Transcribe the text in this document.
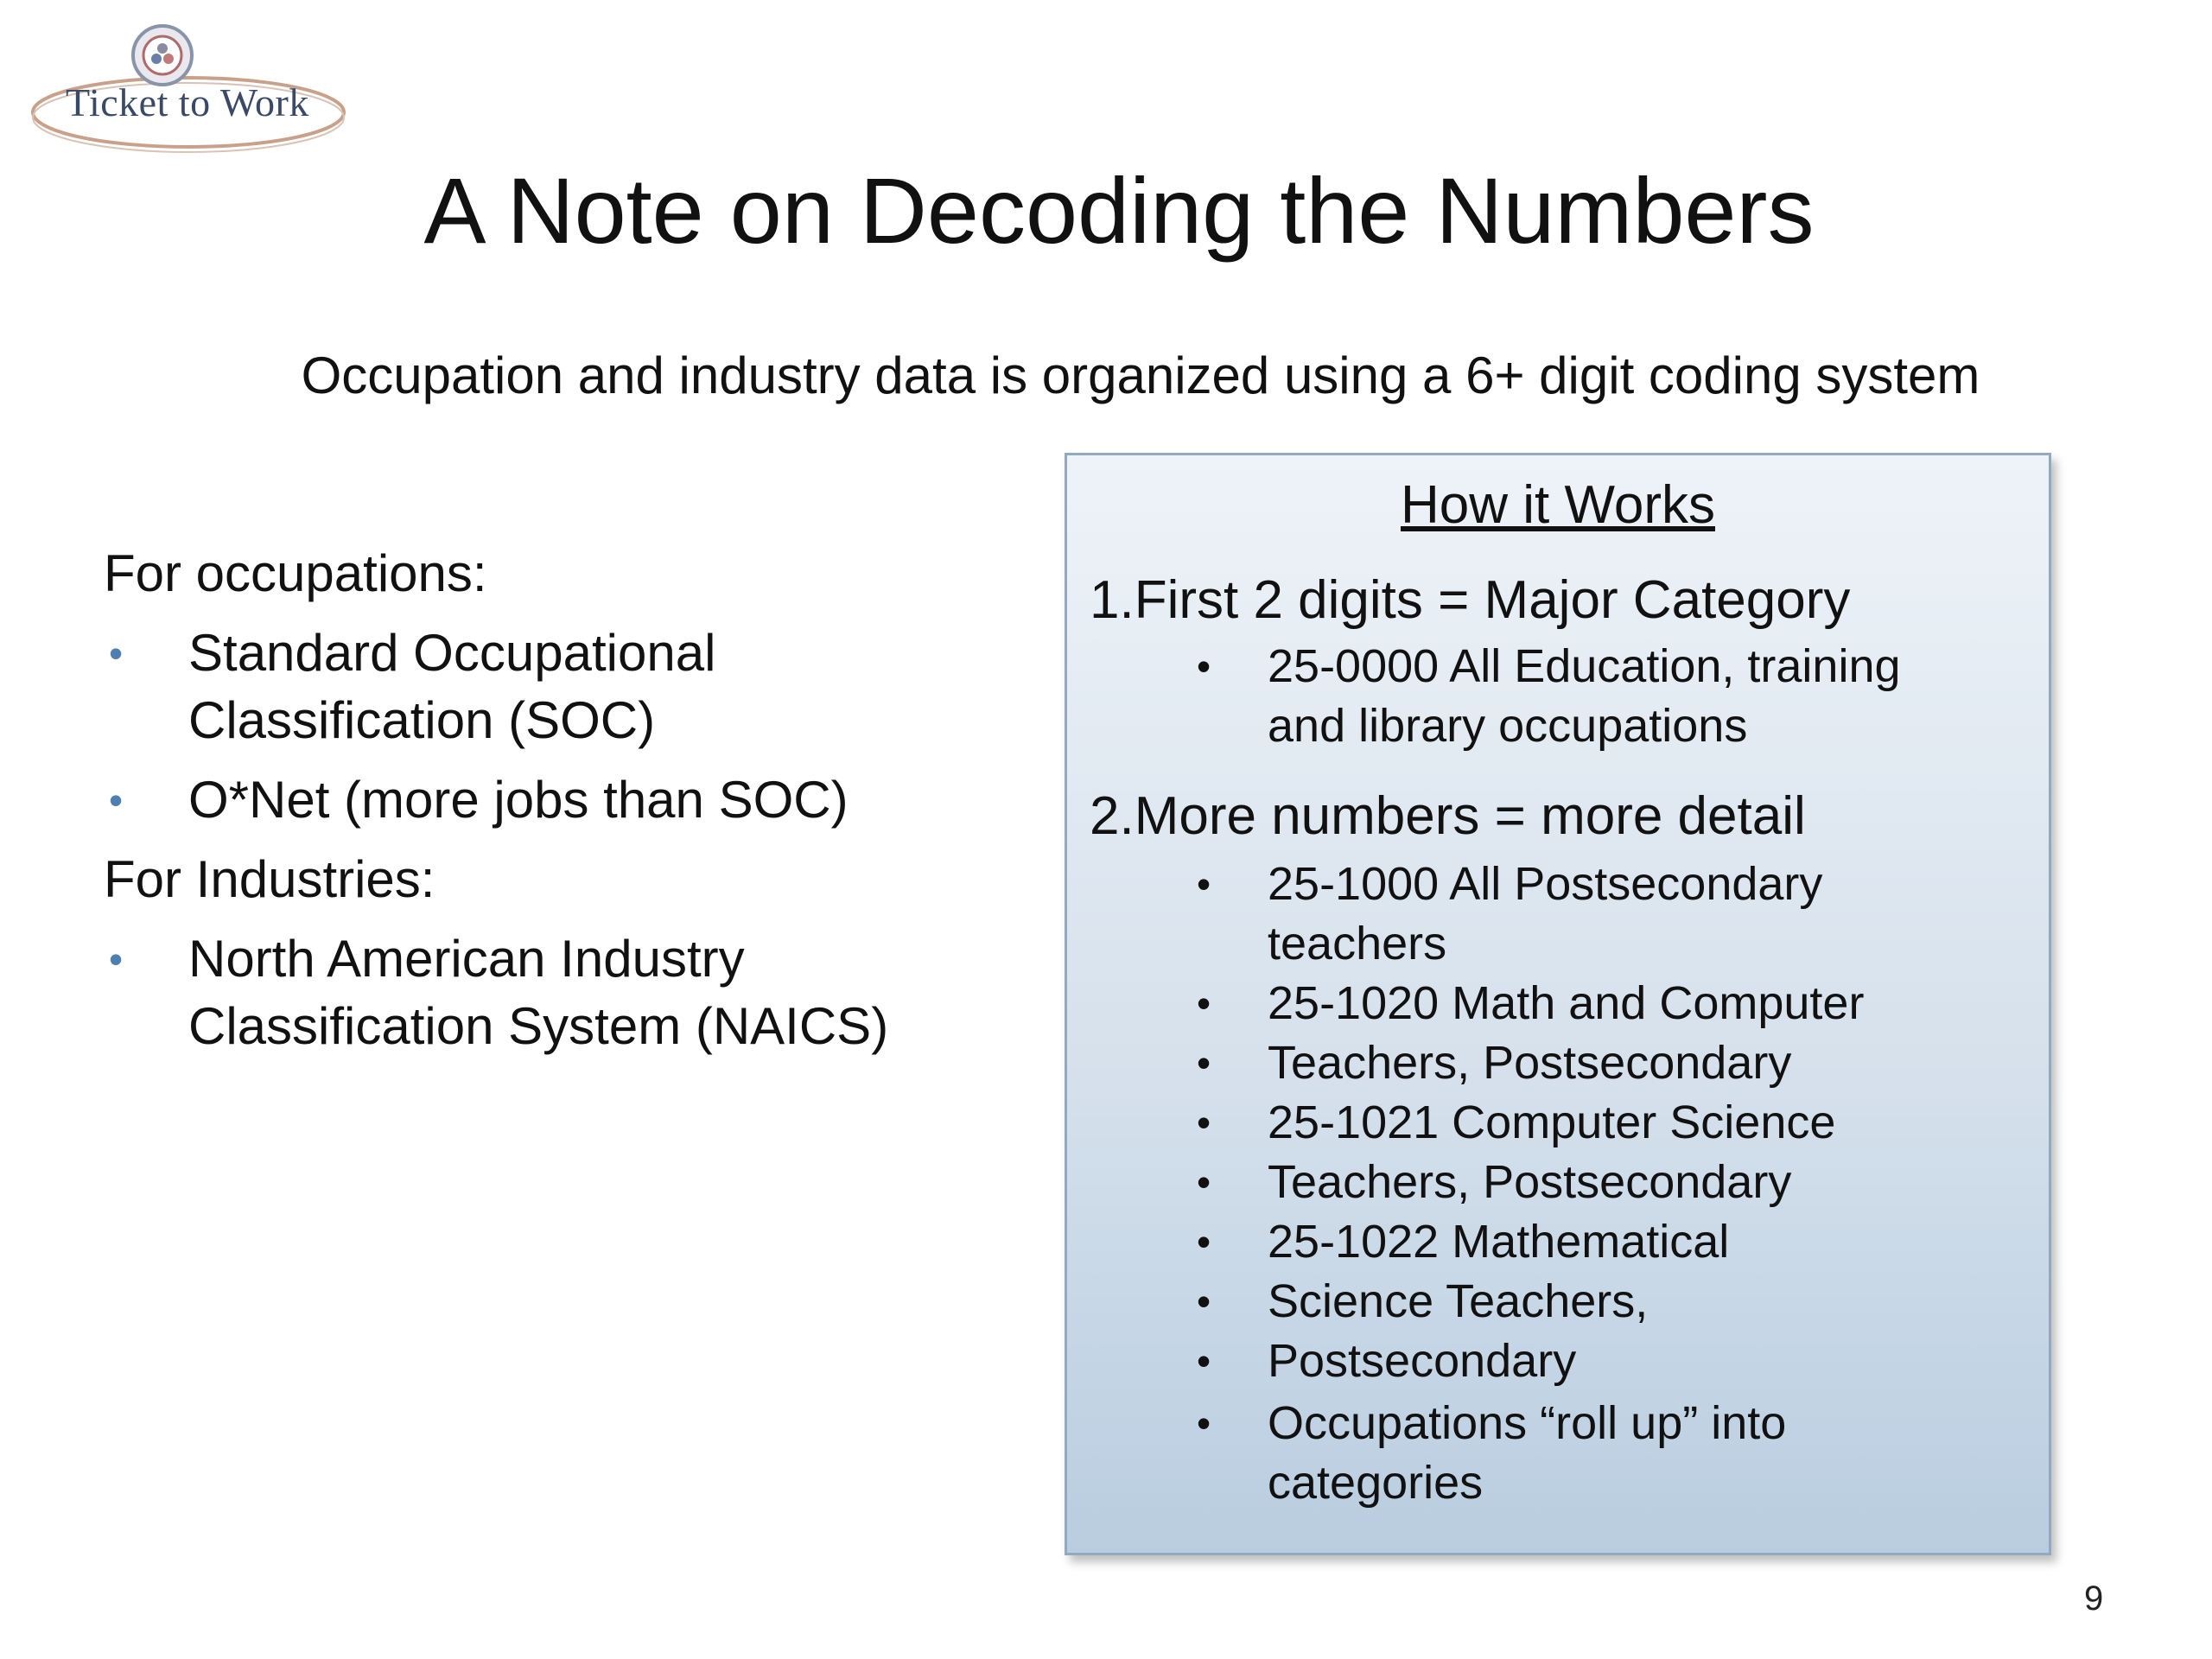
Ticket to Work
A Note on Decoding the Numbers
Occupation and industry data is organized using a 6+ digit coding system
For occupations:
• Standard Occupational Classification (SOC)
• O*Net (more jobs than SOC)
For Industries:
• North American Industry Classification System (NAICS)
How it Works
1.First 2 digits = Major Category
• 25-0000 All Education, training
and library occupations
2.More numbers = more detail
• 25-1000 All Postsecondary
teachers
• 25-1020 Math and Computer
• Teachers, Postsecondary
• 25-1021 Computer Science
• Teachers, Postsecondary
• 25-1022 Mathematical
• Science Teachers,
• Postsecondary
• Occupations “roll up” into
categories
9
